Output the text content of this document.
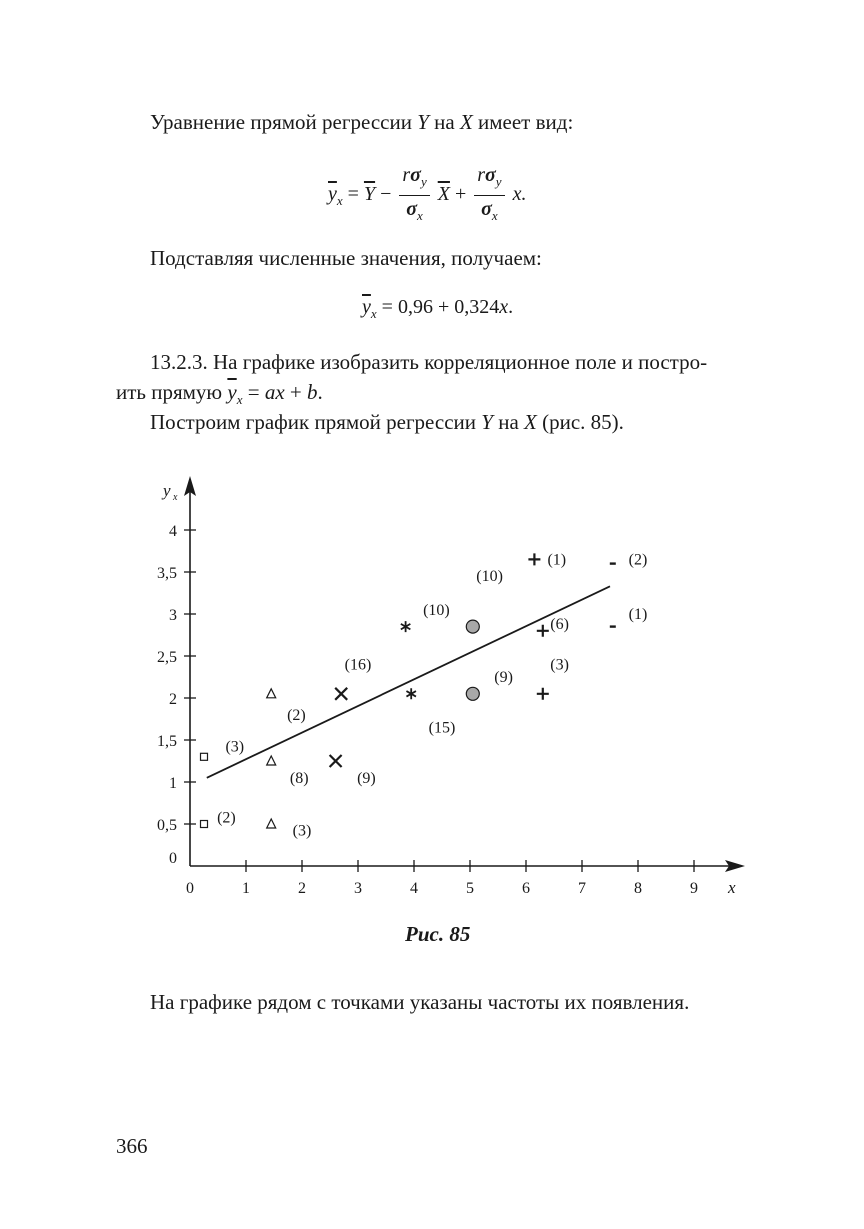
Уравнение прямой регрессии Y на X имеет вид:
$\overline{y}_x = \overline{Y} - \frac{r\sigma_y}{\sigma_x} \overline{X} + \frac{r\sigma_y}{\sigma_x} x$.
Подставляя численные значения, получаем:
$\overline{y}_x = 0,96 + 0,324x$.
13.2.3. На графике изобразить корреляционное поле и постро-
ить прямую $\overline{y}_x$ = ax + b.
Построим график прямой регрессии Y на X (рис. 85).
x
y x
0	1	2	3	4	5	6	7	8	9
0
0,5
1
1,5
2
2,5
3
3,5
4
(2)
(3)
(3)
(8)
(2)
(9)
(16)
(10)
(15)
(10)
(9)
(1)
(6)
(3)
(2)
(1)
Рис. 85
На графике рядом с точками указаны частоты их появления.
366
